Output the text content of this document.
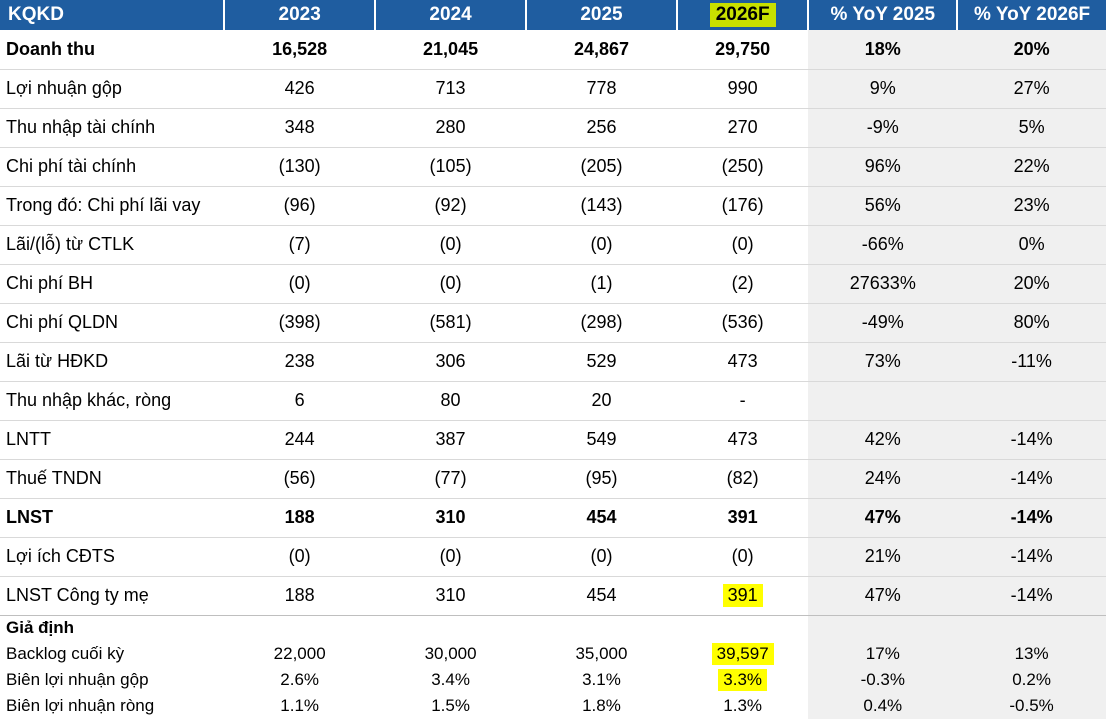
KQKD	2023	2024	2025	2026F	% YoY 2025	% YoY 2026F
Doanh thu	16,528	21,045	24,867	29,750	18%	20%
Lợi nhuận gộp	426	713	778	990	9%	27%
Thu nhập tài chính	348	280	256	270	-9%	5%
Chi phí tài chính	(130)	(105)	(205)	(250)	96%	22%
Trong đó: Chi phí lãi vay	(96)	(92)	(143)	(176)	56%	23%
Lãi/(lỗ) từ CTLK	(7)	(0)	(0)	(0)	-66%	0%
Chi phí BH	(0)	(0)	(1)	(2)	27633%	20%
Chi phí QLDN	(398)	(581)	(298)	(536)	-49%	80%
Lãi từ HĐKD	238	306	529	473	73%	-11%
Thu nhập khác, ròng	6	80	20	-		
LNTT	244	387	549	473	42%	-14%
Thuế TNDN	(56)	(77)	(95)	(82)	24%	-14%
LNST	188	310	454	391	47%	-14%
Lợi ích CĐTS	(0)	(0)	(0)	(0)	21%	-14%
LNST Công ty mẹ	188	310	454	391	47%	-14%
Giả định						
Backlog cuối kỳ	22,000	30,000	35,000	39,597	17%	13%
Biên lợi nhuận gộp	2.6%	3.4%	3.1%	3.3%	-0.3%	0.2%
Biên lợi nhuận ròng	1.1%	1.5%	1.8%	1.3%	0.4%	-0.5%
